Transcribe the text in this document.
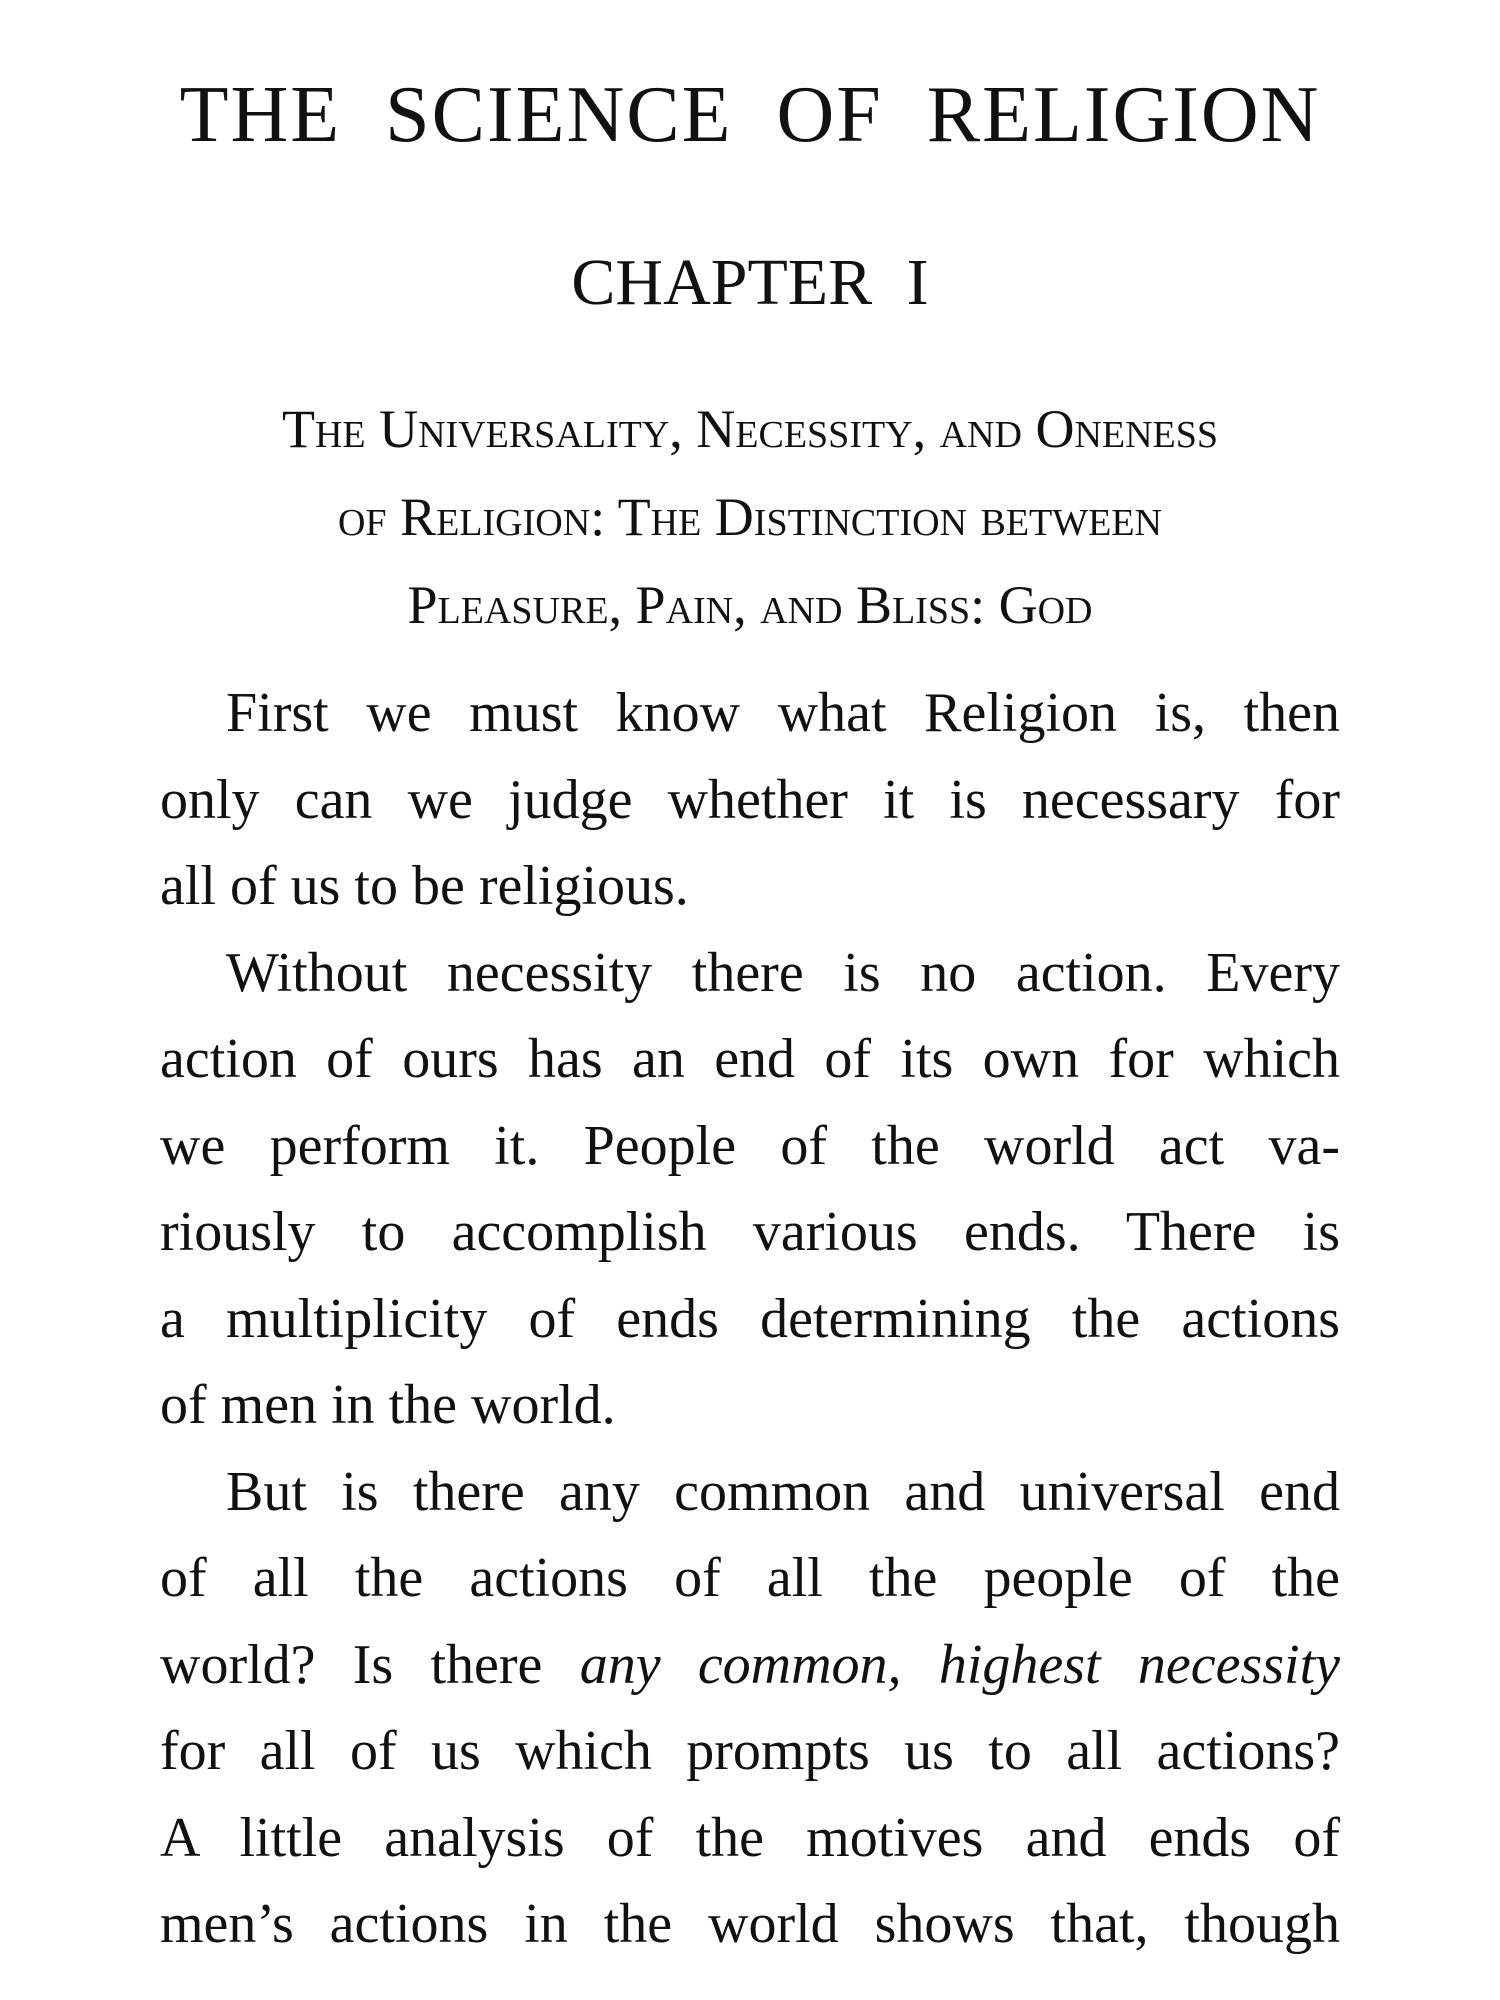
THE SCIENCE OF RELIGION
CHAPTER I
The Universality, Necessity, and Oneness
of Religion: The Distinction between
Pleasure, Pain, and Bliss: God

First we must know what Religion is, then
only can we judge whether it is necessary for
all of us to be religious.

Without necessity there is no action. Every
action of ours has an end of its own for which
we perform it. People of the world act va-
riously to accomplish various ends. There is
a multiplicity of ends determining the actions
of men in the world.

But is there any common and universal end
of all the actions of all the people of the
world? Is there any common, highest necessity
for all of us which prompts us to all actions?
A little analysis of the motives and ends of
men’s actions in the world shows that, though
